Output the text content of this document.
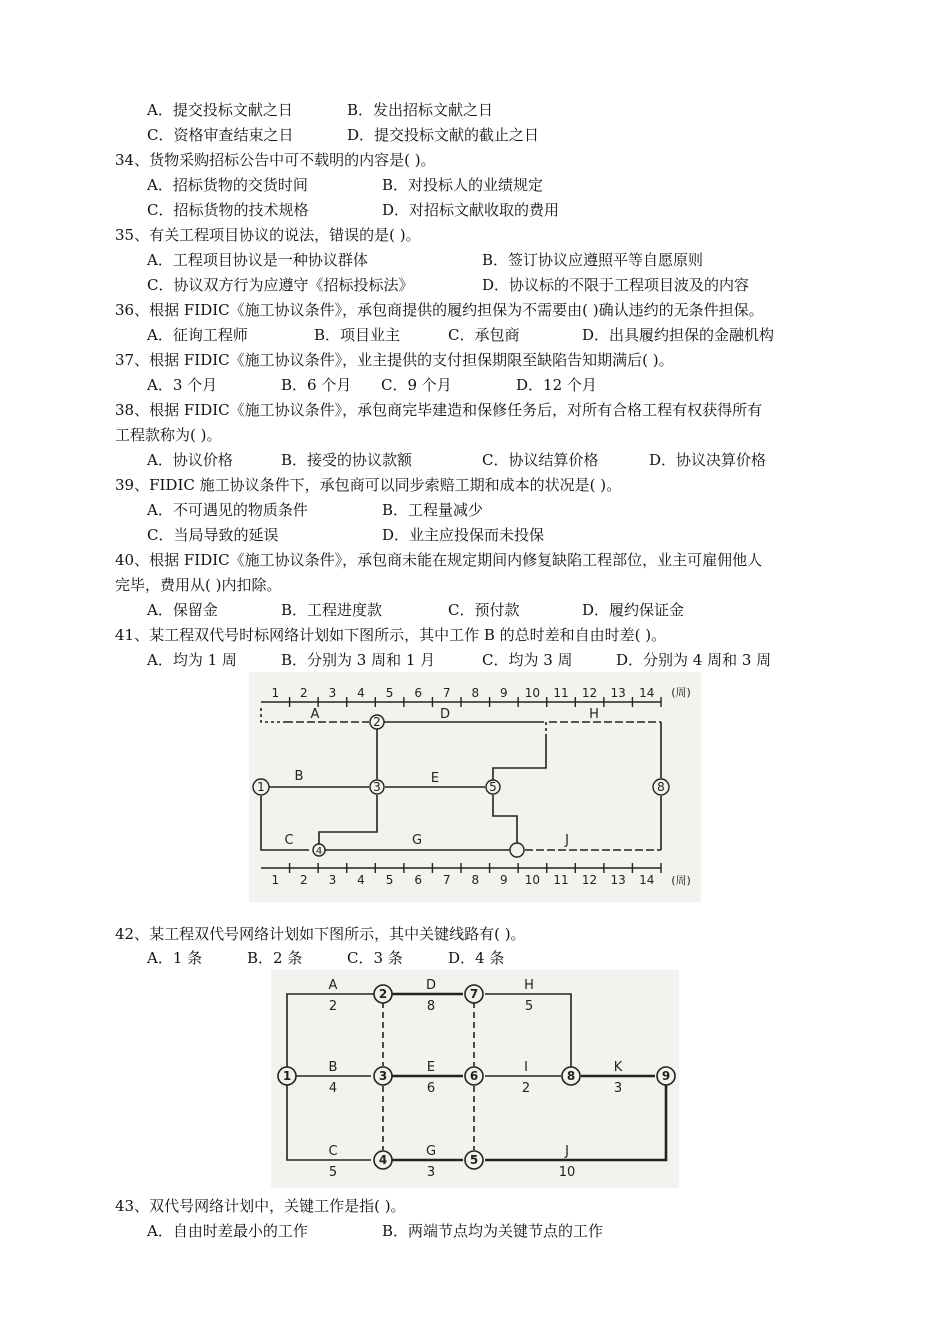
A．提交投标文献之日	B．发出招标文献之日
C．资格审查结束之日	D．提交投标文献的截止之日
34、货物采购招标公告中可不载明的内容是( )。
A．招标货物的交货时间	B．对投标人的业绩规定
C．招标货物的技术规格	D．对招标文献收取的费用
35、有关工程项目协议的说法，错误的是( )。
A．工程项目协议是一种协议群体	B．签订协议应遵照平等自愿原则
C．协议双方行为应遵守《招标投标法》	D．协议标的不限于工程项目波及的内容
36、根据 FIDIC《施工协议条件》，承包商提供的履约担保为不需要由( )确认违约的无条件担保。
A．征询工程师	B．项目业主	C．承包商	D．出具履约担保的金融机构
37、根据 FIDIC《施工协议条件》，业主提供的支付担保期限至缺陷告知期满后( )。
A．3 个月	B．6 个月 C．9 个月	D．12 个月
38、根据 FIDIC《施工协议条件》，承包商完毕建造和保修任务后，对所有合格工程有权获得所有
工程款称为( )。
A．协议价格	B．接受的协议款额	C．协议结算价格	D．协议决算价格
39、FIDIC 施工协议条件下，承包商可以同步索赔工期和成本的状况是( )。
A．不可遇见的物质条件	B．工程量减少
C．当局导致的延误	D．业主应投保而未投保
40、根据 FIDIC《施工协议条件》，承包商未能在规定期间内修复缺陷工程部位，业主可雇佣他人
完毕，费用从( )内扣除。
A．保留金	B．工程进度款	C．预付款	D．履约保证金
41、某工程双代号时标网络计划如下图所示，其中工作 B 的总时差和自由时差( )。
A．均为 1 周	B．分别为 3 周和 1 月	C．均为 3 周	D．分别为 4 周和 3 周
1
2
3
4
5	8
A	D	H
B	E
C	G	J
1 2 3 4 5 6 7 8 9 10 11 12 13 14
1 2 3 4 5 6 7 8 9 10 11 12 13 14
(周)
(周)
42、某工程双代号网络计划如下图所示，其中关键线路有( )。
A．1 条	B．2 条	C．3 条	D．4 条
1
2
3
4	5
6
7
8	9
A
2
D
8
H
5
B
4
E
6
I
2
K
3
C
5
G
3
J
10
43、双代号网络计划中，关键工作是指( )。
A．自由时差最小的工作	B．两端节点均为关键节点的工作
